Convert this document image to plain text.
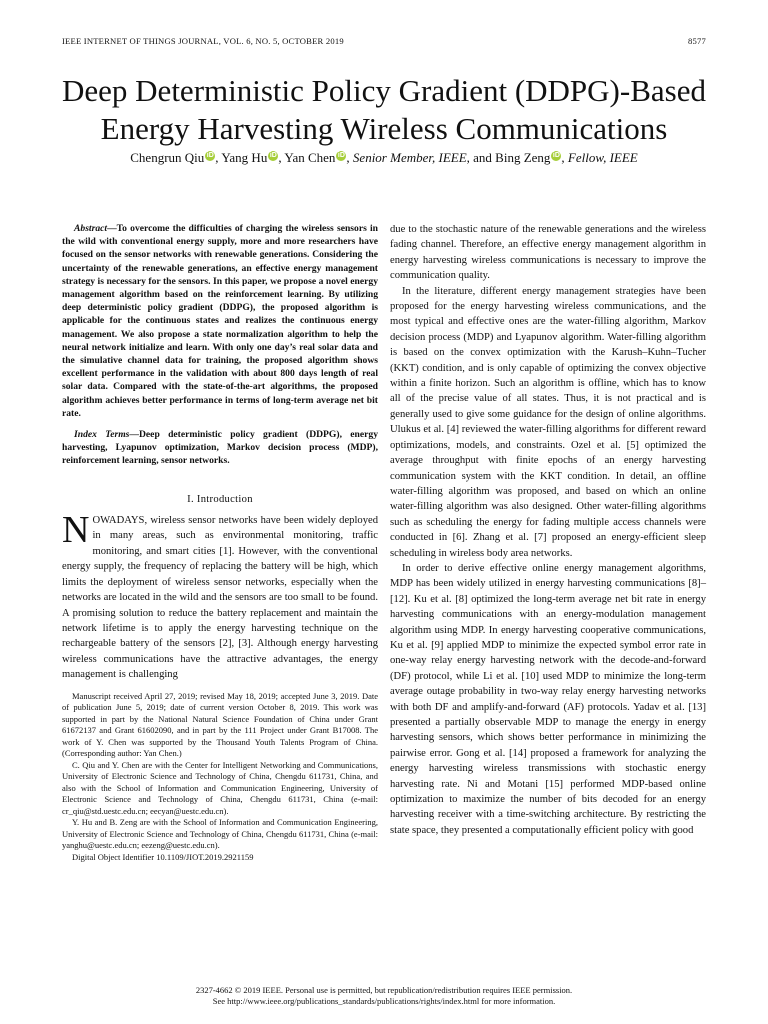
IEEE INTERNET OF THINGS JOURNAL, VOL. 6, NO. 5, OCTOBER 2019	8577
Deep Deterministic Policy Gradient (DDPG)-Based
Energy Harvesting Wireless Communications
Chengrun Qiu iD , Yang Hu iD , Yan Chen iD , Senior Member, IEEE, and Bing Zeng iD , Fellow, IEEE

Abstract—To overcome the difficulties of charging the wireless sensors in the wild with conventional energy supply, more and more researchers have focused on the sensor networks with renewable generations. Considering the uncertainty of the renewable generations, an effective energy management strategy is necessary for the sensors. In this paper, we propose a novel energy management algorithm based on the reinforcement learning. By utilizing deep deterministic policy gradient (DDPG), the proposed algorithm is applicable for the continuous states and realizes the continuous energy management. We also propose a state normalization algorithm to help the neural network initialize and learn. With only one day’s real solar data and the simulative channel data for training, the proposed algorithm shows excellent performance in the validation with about 800 days length of real solar data. Compared with the state-of-the-art algorithms, the proposed algorithm achieves better performance in terms of long-term average net bit rate.

Index Terms—Deep deterministic policy gradient (DDPG), energy harvesting, Lyapunov optimization, Markov decision process (MDP), reinforcement learning, sensor networks.

I. Introduction

NOWADAYS, wireless sensor networks have been widely deployed in many areas, such as environmental monitoring, traffic monitoring, and smart cities [1]. However, with the conventional energy supply, the frequency of replacing the battery will be high, which limits the deployment of wireless sensor networks, especially when the networks are located in the wild and the sensors are too small to be found. A promising solution to reduce the battery replacement and maintain the network lifetime is to apply the energy harvesting technique on the rechargeable battery of the sensors [2], [3]. Although energy harvesting wireless communications have the attractive advantages, the energy management is challenging

Manuscript received April 27, 2019; revised May 18, 2019; accepted June 3, 2019. Date of publication June 5, 2019; date of current version October 8, 2019. This work was supported in part by the National Natural Science Foundation of China under Grant 61672137 and Grant 61602090, and in part by the 111 Project under Grant B17008. The work of Y. Chen was supported by the Thousand Youth Talents Program of China. (Corresponding author: Yan Chen.)

C. Qiu and Y. Chen are with the Center for Intelligent Networking and Communications, University of Electronic Science and Technology of China, Chengdu 611731, China, and also with the School of Information and Communication Engineering, University of Electronic Science and Technology of China, Chengdu 611731, China (e-mail: cr_qiu@std.uestc.edu.cn; eecyan@uestc.edu.cn).

Y. Hu and B. Zeng are with the School of Information and Communication Engineering, University of Electronic Science and Technology of China, Chengdu 611731, China (e-mail: yanghu@uestc.edu.cn; eezeng@uestc.edu.cn).

Digital Object Identifier 10.1109/JIOT.2019.2921159

due to the stochastic nature of the renewable generations and the wireless fading channel. Therefore, an effective energy management algorithm in energy harvesting wireless communications is necessary to improve the communication quality.

In the literature, different energy management strategies have been proposed for the energy harvesting wireless communications, and the most typical and effective ones are the water-filling algorithm, Markov decision process (MDP) and Lyapunov algorithm. Water-filling algorithm is based on the convex optimization with the Karush–Kuhn–Tucher (KKT) condition, and is only capable of optimizing the convex objective within a finite horizon. Such an algorithm is offline, which has to know all of the precise value of all states. Thus, it is not practical and is generally used to give some guidance for the design of online algorithms. Ulukus et al. [4] reviewed the water-filling algorithms for different reward optimizations, models, and constraints. Ozel et al. [5] optimized the average throughput with finite epochs of an energy harvesting communication system with the KKT condition. In detail, an offline water-filling algorithm was proposed, and based on which an online water-filling algorithm was also designed. Other water-filling algorithms such as scheduling the energy for fading multiple access channels were conducted in [6]. Zhang et al. [7] proposed an energy-efficient sleep scheduling in wireless body area networks.

In order to derive effective online energy management algorithms, MDP has been widely utilized in energy harvesting communications [8]–[12]. Ku et al. [8] optimized the long-term average net bit rate in energy harvesting communications with an energy-modulation management algorithm using MDP. In energy harvesting cooperative communications, Ku et al. [9] applied MDP to minimize the expected symbol error rate in one-way relay energy harvesting network with the decode-and-forward (DF) protocol, while Li et al. [10] used MDP to minimize the long-term average outage probability in two-way relay energy harvesting networks with both DF and amplify-and-forward (AF) protocols. Yadav et al. [13] presented a partially observable MDP to manage the energy in energy harvesting sensors, which shows better performance in minimizing the pairwise error. Gong et al. [14] proposed a framework for analyzing the energy harvesting wireless transmissions with stochastic energy harvesting rate. Ni and Motani [15] performed MDP-based online optimization to maximize the number of bits decoded for an energy harvesting receiver with a time-switching architecture. By restricting the state space, they presented a computationally efficient policy with good

2327-4662 © 2019 IEEE. Personal use is permitted, but republication/redistribution requires IEEE permission.
See http://www.ieee.org/publications_standards/publications/rights/index.html for more information.
